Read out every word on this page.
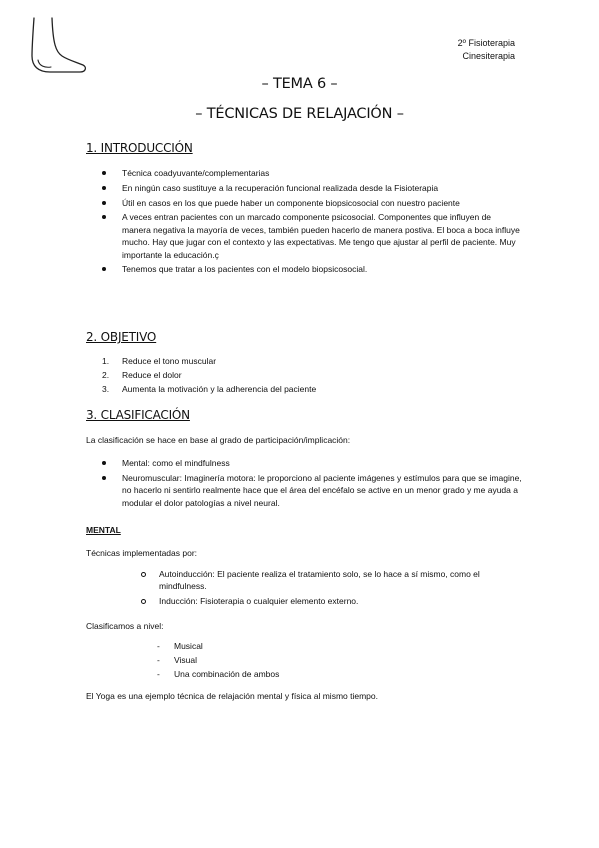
2º Fisioterapia
Cinesiterapia
– TEMA 6 –
– TÉCNICAS DE RELAJACIÓN –
1. INTRODUCCIÓN
Técnica coadyuvante/complementarias
En ningún caso sustituye a la recuperación funcional realizada desde la Fisioterapia
Útil en casos en los que puede haber un componente biopsicosocial con nuestro paciente
A veces entran pacientes con un marcado componente psicosocial. Componentes que influyen de manera negativa la mayoría de veces, también pueden hacerlo de manera postiva. El boca a boca influye mucho. Hay que jugar con el contexto y las expectativas. Me tengo que ajustar al perfil de paciente. Muy importante la educación.ç
Tenemos que tratar a los pacientes con el modelo biopsicosocial.
2. OBJETIVO
1.	Reduce el tono muscular
2.	Reduce el dolor
3.	Aumenta la motivación y la adherencia del paciente
3. CLASIFICACIÓN

La clasificación se hace en base al grado de participación/implicación:

Mental: como el mindfulness
Neuromuscular: Imaginería motora: le proporciono al paciente imágenes y estímulos para que se imagine, no hacerlo ni sentirlo realmente hace que el área del encéfalo se active en un menor grado y me ayuda a modular el dolor patologías a nivel neural.

MENTAL

Técnicas implementadas por:

Autoinducción: El paciente realiza el tratamiento solo, se lo hace a sí mismo, como el mindfulness.
Inducción: Fisioterapia o cualquier elemento externo.

Clasificamos a nivel:

- Musical
- Visual
- Una combinación de ambos

El Yoga es una ejemplo técnica de relajación mental y física al mismo tiempo.
